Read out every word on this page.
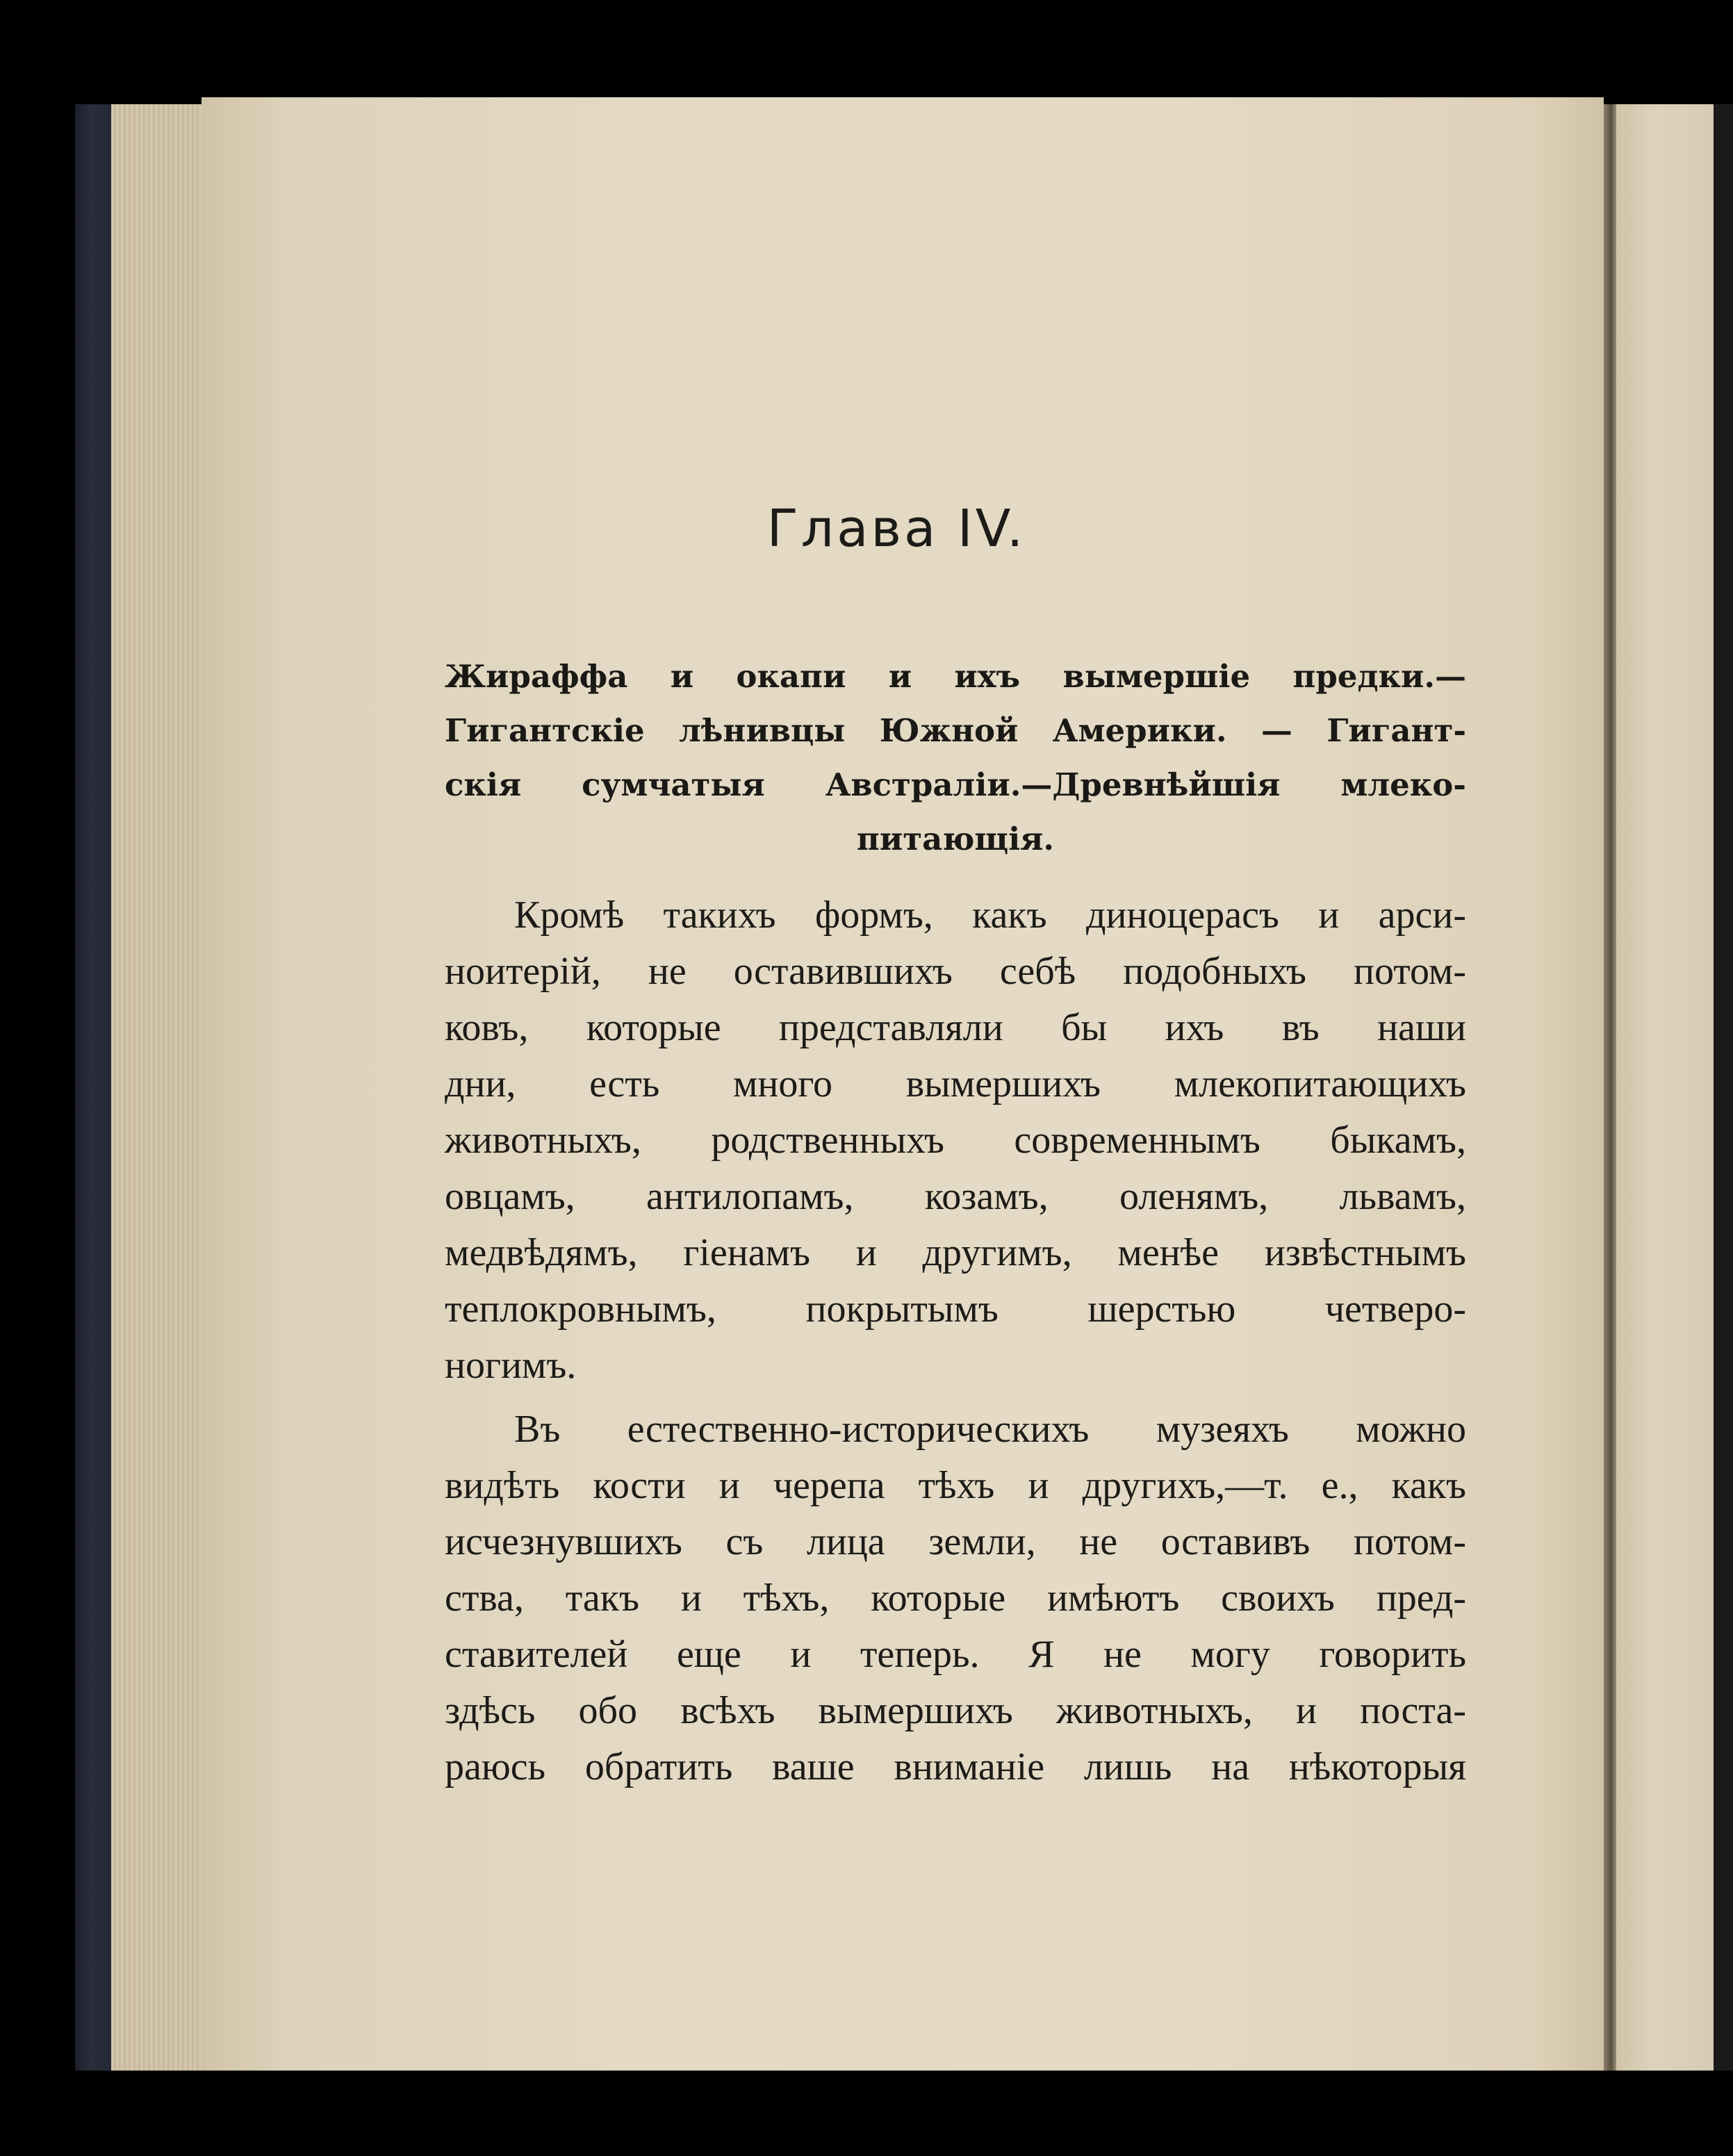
Глава IV.
Жираффа и окапи и ихъ вымершіе предки.—
Гигантскіе лѣнивцы Южной Америки. — Гигант-
скія сумчатыя Австраліи.—Древнѣйшія млеко-
питающія.
Кромѣ такихъ формъ, какъ диноцерасъ и арси-
ноитерій, не оставившихъ себѣ подобныхъ потом-
ковъ, которые представляли бы ихъ въ наши
дни, есть много вымершихъ млекопитающихъ
животныхъ, родственныхъ современнымъ быкамъ,
овцамъ, антилопамъ, козамъ, оленямъ, львамъ,
медвѣдямъ, гіенамъ и другимъ, менѣе извѣстнымъ
теплокровнымъ, покрытымъ шерстью четверо-
ногимъ.
Въ естественно-историческихъ музеяхъ можно
видѣть кости и черепа тѣхъ и другихъ,—т. е., какъ
исчезнувшихъ съ лица земли, не оставивъ потом-
ства, такъ и тѣхъ, которые имѣютъ своихъ пред-
ставителей еще и теперь. Я не могу говорить
здѣсь обо всѣхъ вымершихъ животныхъ, и поста-
раюсь обратить ваше вниманіе лишь на нѣкоторыя
